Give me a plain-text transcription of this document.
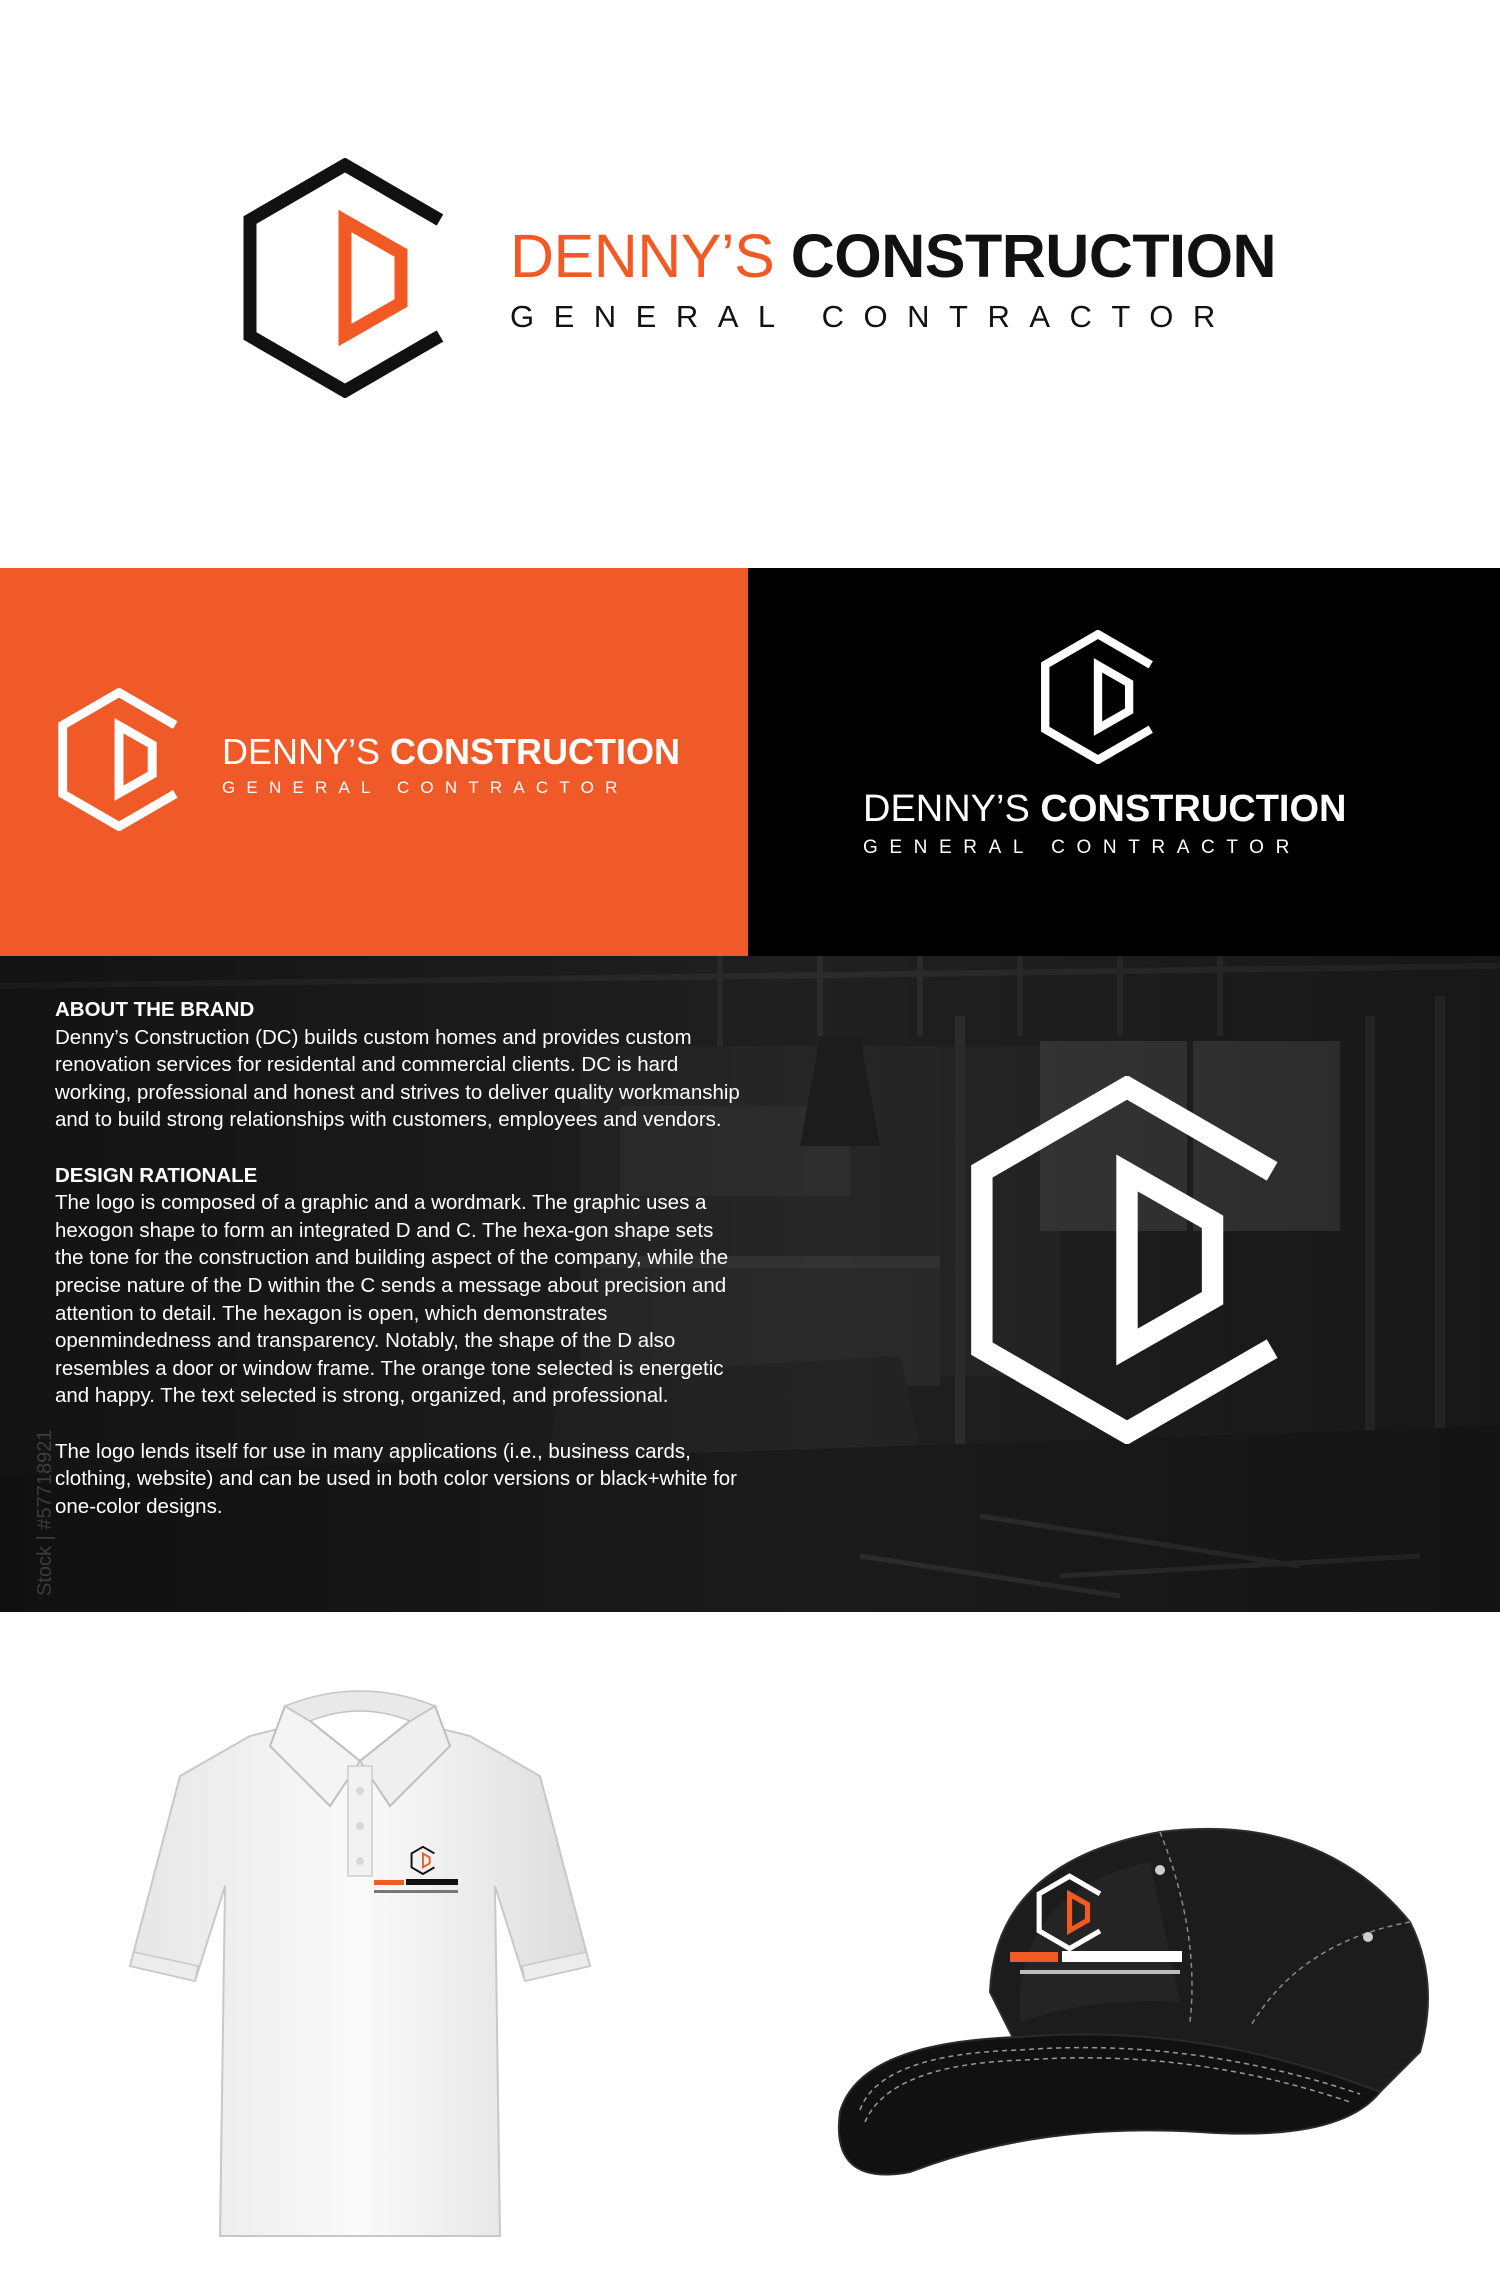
DENNY’S CONSTRUCTION
GENERAL CONTRACTOR
DENNY’S CONSTRUCTION
GENERAL CONTRACTOR
DENNY’S CONSTRUCTION
GENERAL CONTRACTOR
Stock | #57718921
ABOUT THE BRAND

Denny’s Construction (DC) builds custom homes and provides custom renovation services for residental and commercial clients. DC is hard working, professional and honest and strives to deliver quality workmanship and to build strong relationships with customers, employees and vendors.

DESIGN RATIONALE

The logo is composed of a graphic and a wordmark. The graphic uses a hexogon shape to form an integrated D and C. The hexa-gon shape sets the tone for the construction and building aspect of the company, while the precise nature of the D within the C sends a message about precision and attention to detail. The hexagon is open, which demonstrates openmindedness and transparency. Notably, the shape of the D also resembles a door or window frame. The orange tone selected is energetic and happy. The text selected is strong, organized, and professional.

The logo lends itself for use in many applications (i.e., business cards, clothing, website) and can be used in both color versions or black+white for one-color designs.
